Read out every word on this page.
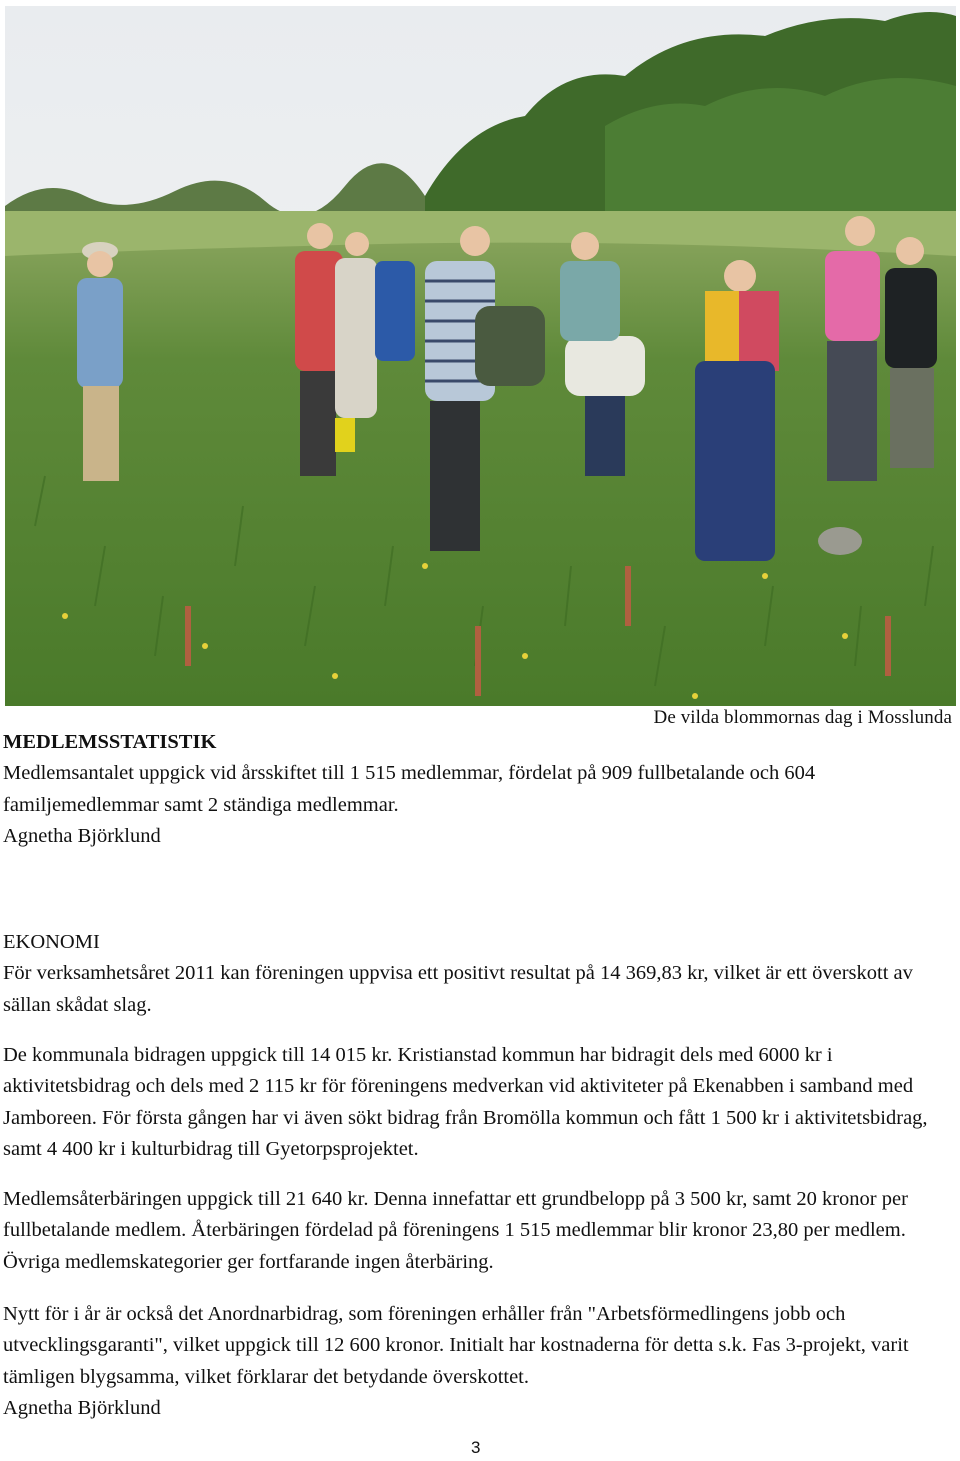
De vilda blommornas dag i Mosslunda
MEDLEMSSTATISTIK

Medlemsantalet uppgick vid årsskiftet till 1 515 medlemmar, fördelat på 909 fullbetalande och 604 familjemedlemmar samt 2 ständiga medlemmar.

Agnetha Björklund
EKONOMI

För verksamhetsåret 2011 kan föreningen uppvisa ett positivt resultat på 14 369,83 kr, vilket är ett överskott av sällan skådat slag.

De kommunala bidragen uppgick till 14 015 kr. Kristianstad kommun har bidragit dels med 6000 kr i aktivitetsbidrag och dels med 2 115 kr för föreningens medverkan vid aktiviteter på Ekenabben i samband med Jamboreen. För första gången har vi även sökt bidrag från Bromölla kommun och fått 1 500 kr i aktivitetsbidrag, samt 4 400 kr i kulturbidrag till Gyetorpsprojektet.

Medlemsåterbäringen uppgick till 21 640 kr. Denna innefattar ett grundbelopp på 3 500 kr, samt 20 kronor per fullbetalande medlem. Återbäringen fördelad på föreningens 1 515 medlemmar blir kronor 23,80 per medlem. Övriga medlemskategorier ger fortfarande ingen återbäring.

Nytt för i år är också det Anordnarbidrag, som föreningen erhåller från "Arbetsförmedlingens jobb och utvecklingsgaranti", vilket uppgick till 12 600 kronor. Initialt har kostnaderna för detta s.k. Fas 3-projekt, varit tämligen blygsamma, vilket förklarar det betydande överskottet.

Agnetha Björklund
3
